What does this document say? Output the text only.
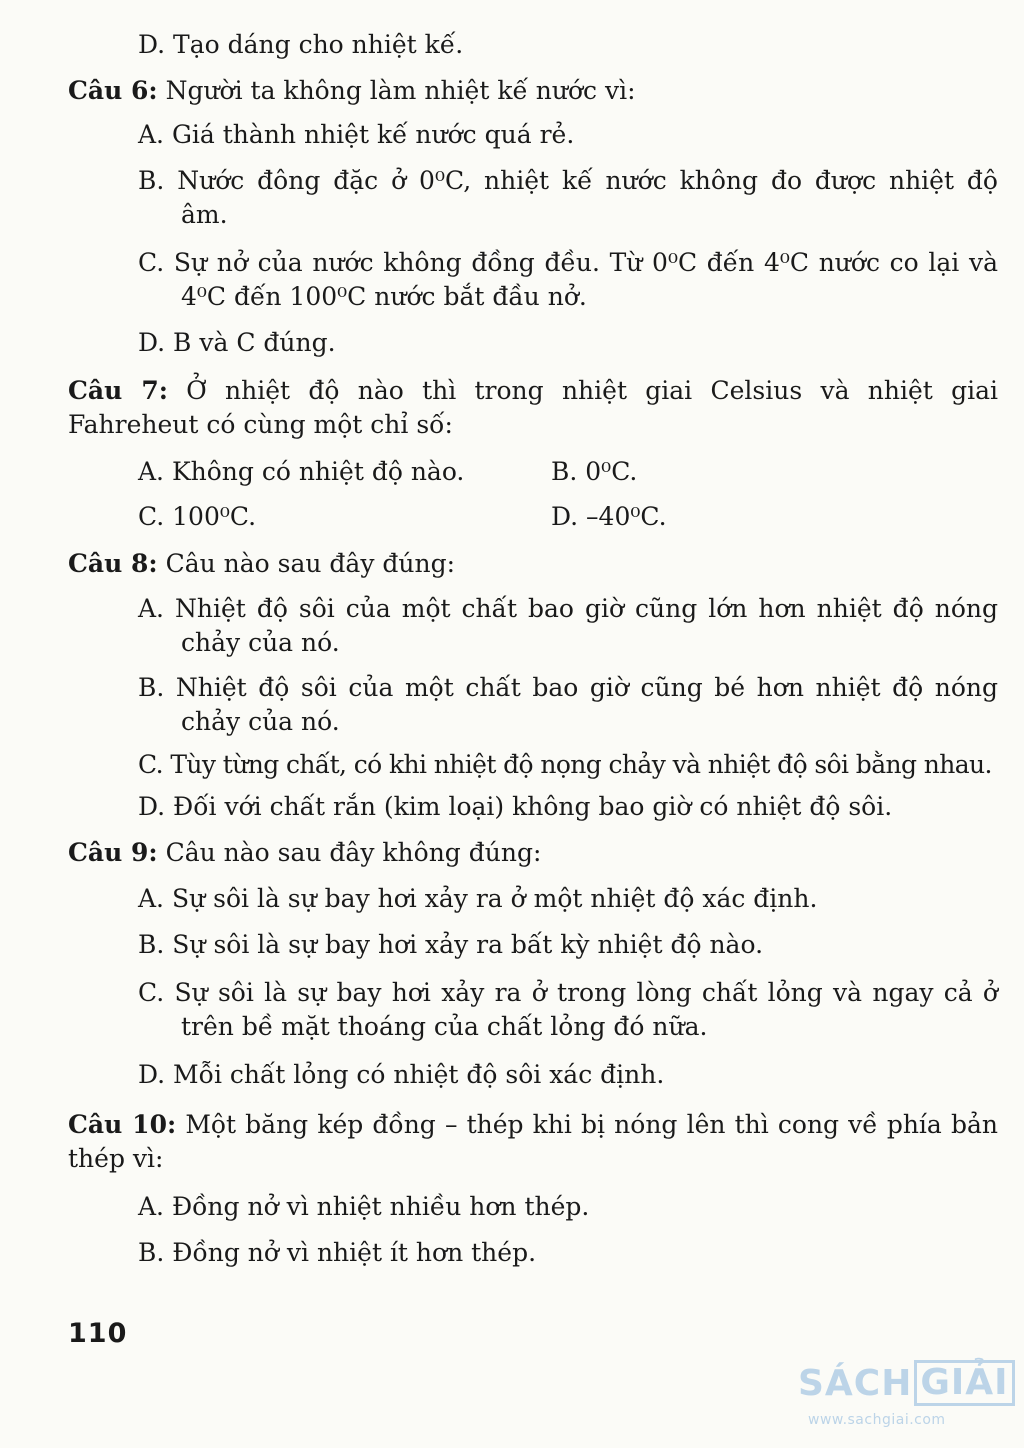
D. Tạo dáng cho nhiệt kế.
Câu 6: Người ta không làm nhiệt kế nước vì:
A. Giá thành nhiệt kế nước quá rẻ.
B. Nước đông đặc ở 0⁰C, nhiệt kế nước không đo được nhiệt độ
âm.
C. Sự nở của nước không đồng đều. Từ 0⁰C đến 4⁰C nước co lại và
4⁰C đến 100⁰C nước bắt đầu nở.
D. B và C đúng.
Câu 7: Ở nhiệt độ nào thì trong nhiệt giai Celsius và nhiệt giai
Fahreheut có cùng một chỉ số:
A. Không có nhiệt độ nào.	B. 0⁰C.
C. 100⁰C.	D. –40⁰C.
Câu 8: Câu nào sau đây đúng:
A. Nhiệt độ sôi của một chất bao giờ cũng lớn hơn nhiệt độ nóng
chảy của nó.
B. Nhiệt độ sôi của một chất bao giờ cũng bé hơn nhiệt độ nóng
chảy của nó.
C. Tùy từng chất, có khi nhiệt độ nọng chảy và nhiệt độ sôi bằng nhau.
D. Đối với chất rắn (kim loại) không bao giờ có nhiệt độ sôi.
Câu 9: Câu nào sau đây không đúng:
A. Sự sôi là sự bay hơi xảy ra ở một nhiệt độ xác định.
B. Sự sôi là sự bay hơi xảy ra bất kỳ nhiệt độ nào.
C. Sự sôi là sự bay hơi xảy ra ở trong lòng chất lỏng và ngay cả ở
trên bề mặt thoáng của chất lỏng đó nữa.
D. Mỗi chất lỏng có nhiệt độ sôi xác định.
Câu 10: Một băng kép đồng – thép khi bị nóng lên thì cong về phía bản
thép vì:
A. Đồng nở vì nhiệt nhiều hơn thép.
B. Đồng nở vì nhiệt ít hơn thép.
110
SÁCH GIẢI
www.sachgiai.com
